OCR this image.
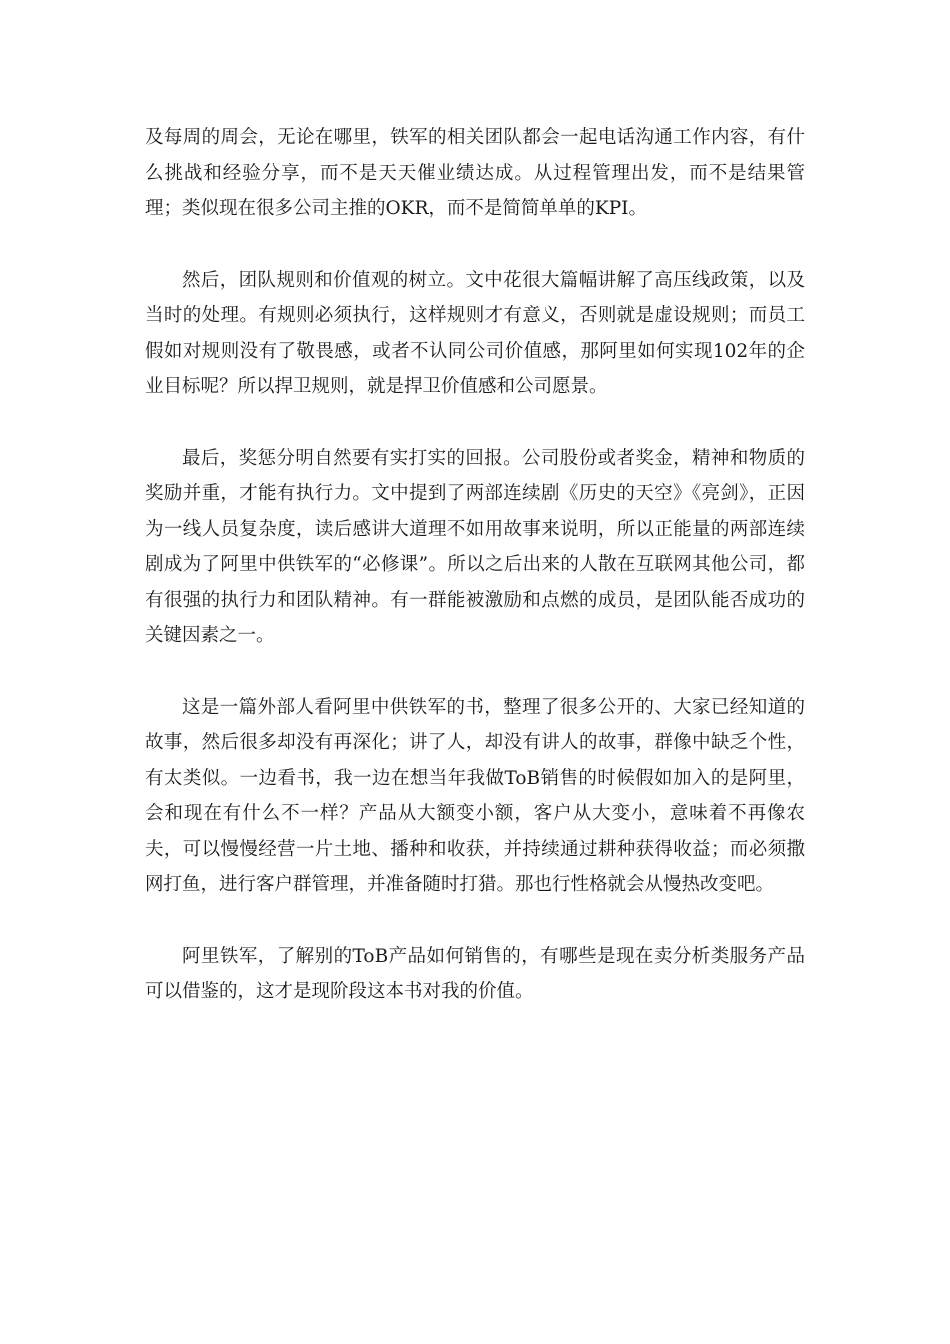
及每周的周会，无论在哪里，铁军的相关团队都会一起电话沟通工作内容，有什么挑战和经验分享，而不是天天催业绩达成。从过程管理出发，而不是结果管理；类似现在很多公司主推的OKR，而不是简简单单的KPI。

然后，团队规则和价值观的树立。文中花很大篇幅讲解了高压线政策，以及当时的处理。有规则必须执行，这样规则才有意义，否则就是虚设规则；而员工假如对规则没有了敬畏感，或者不认同公司价值感，那阿里如何实现102年的企业目标呢？所以捍卫规则，就是捍卫价值感和公司愿景。

最后，奖惩分明自然要有实打实的回报。公司股份或者奖金，精神和物质的奖励并重，才能有执行力。文中提到了两部连续剧《历史的天空》《亮剑》，正因为一线人员复杂度，读后感讲大道理不如用故事来说明，所以正能量的两部连续剧成为了阿里中供铁军的“必修课”。所以之后出来的人散在互联网其他公司，都有很强的执行力和团队精神。有一群能被激励和点燃的成员，是团队能否成功的关键因素之一。

这是一篇外部人看阿里中供铁军的书，整理了很多公开的、大家已经知道的故事，然后很多却没有再深化；讲了人，却没有讲人的故事，群像中缺乏个性，有太类似。一边看书，我一边在想当年我做ToB销售的时候假如加入的是阿里，会和现在有什么不一样？产品从大额变小额，客户从大变小，意味着不再像农夫，可以慢慢经营一片土地、播种和收获，并持续通过耕种获得收益；而必须撒网打鱼，进行客户群管理，并准备随时打猎。那也行性格就会从慢热改变吧。

阿里铁军，了解别的ToB产品如何销售的，有哪些是现在卖分析类服务产品可以借鉴的，这才是现阶段这本书对我的价值。
